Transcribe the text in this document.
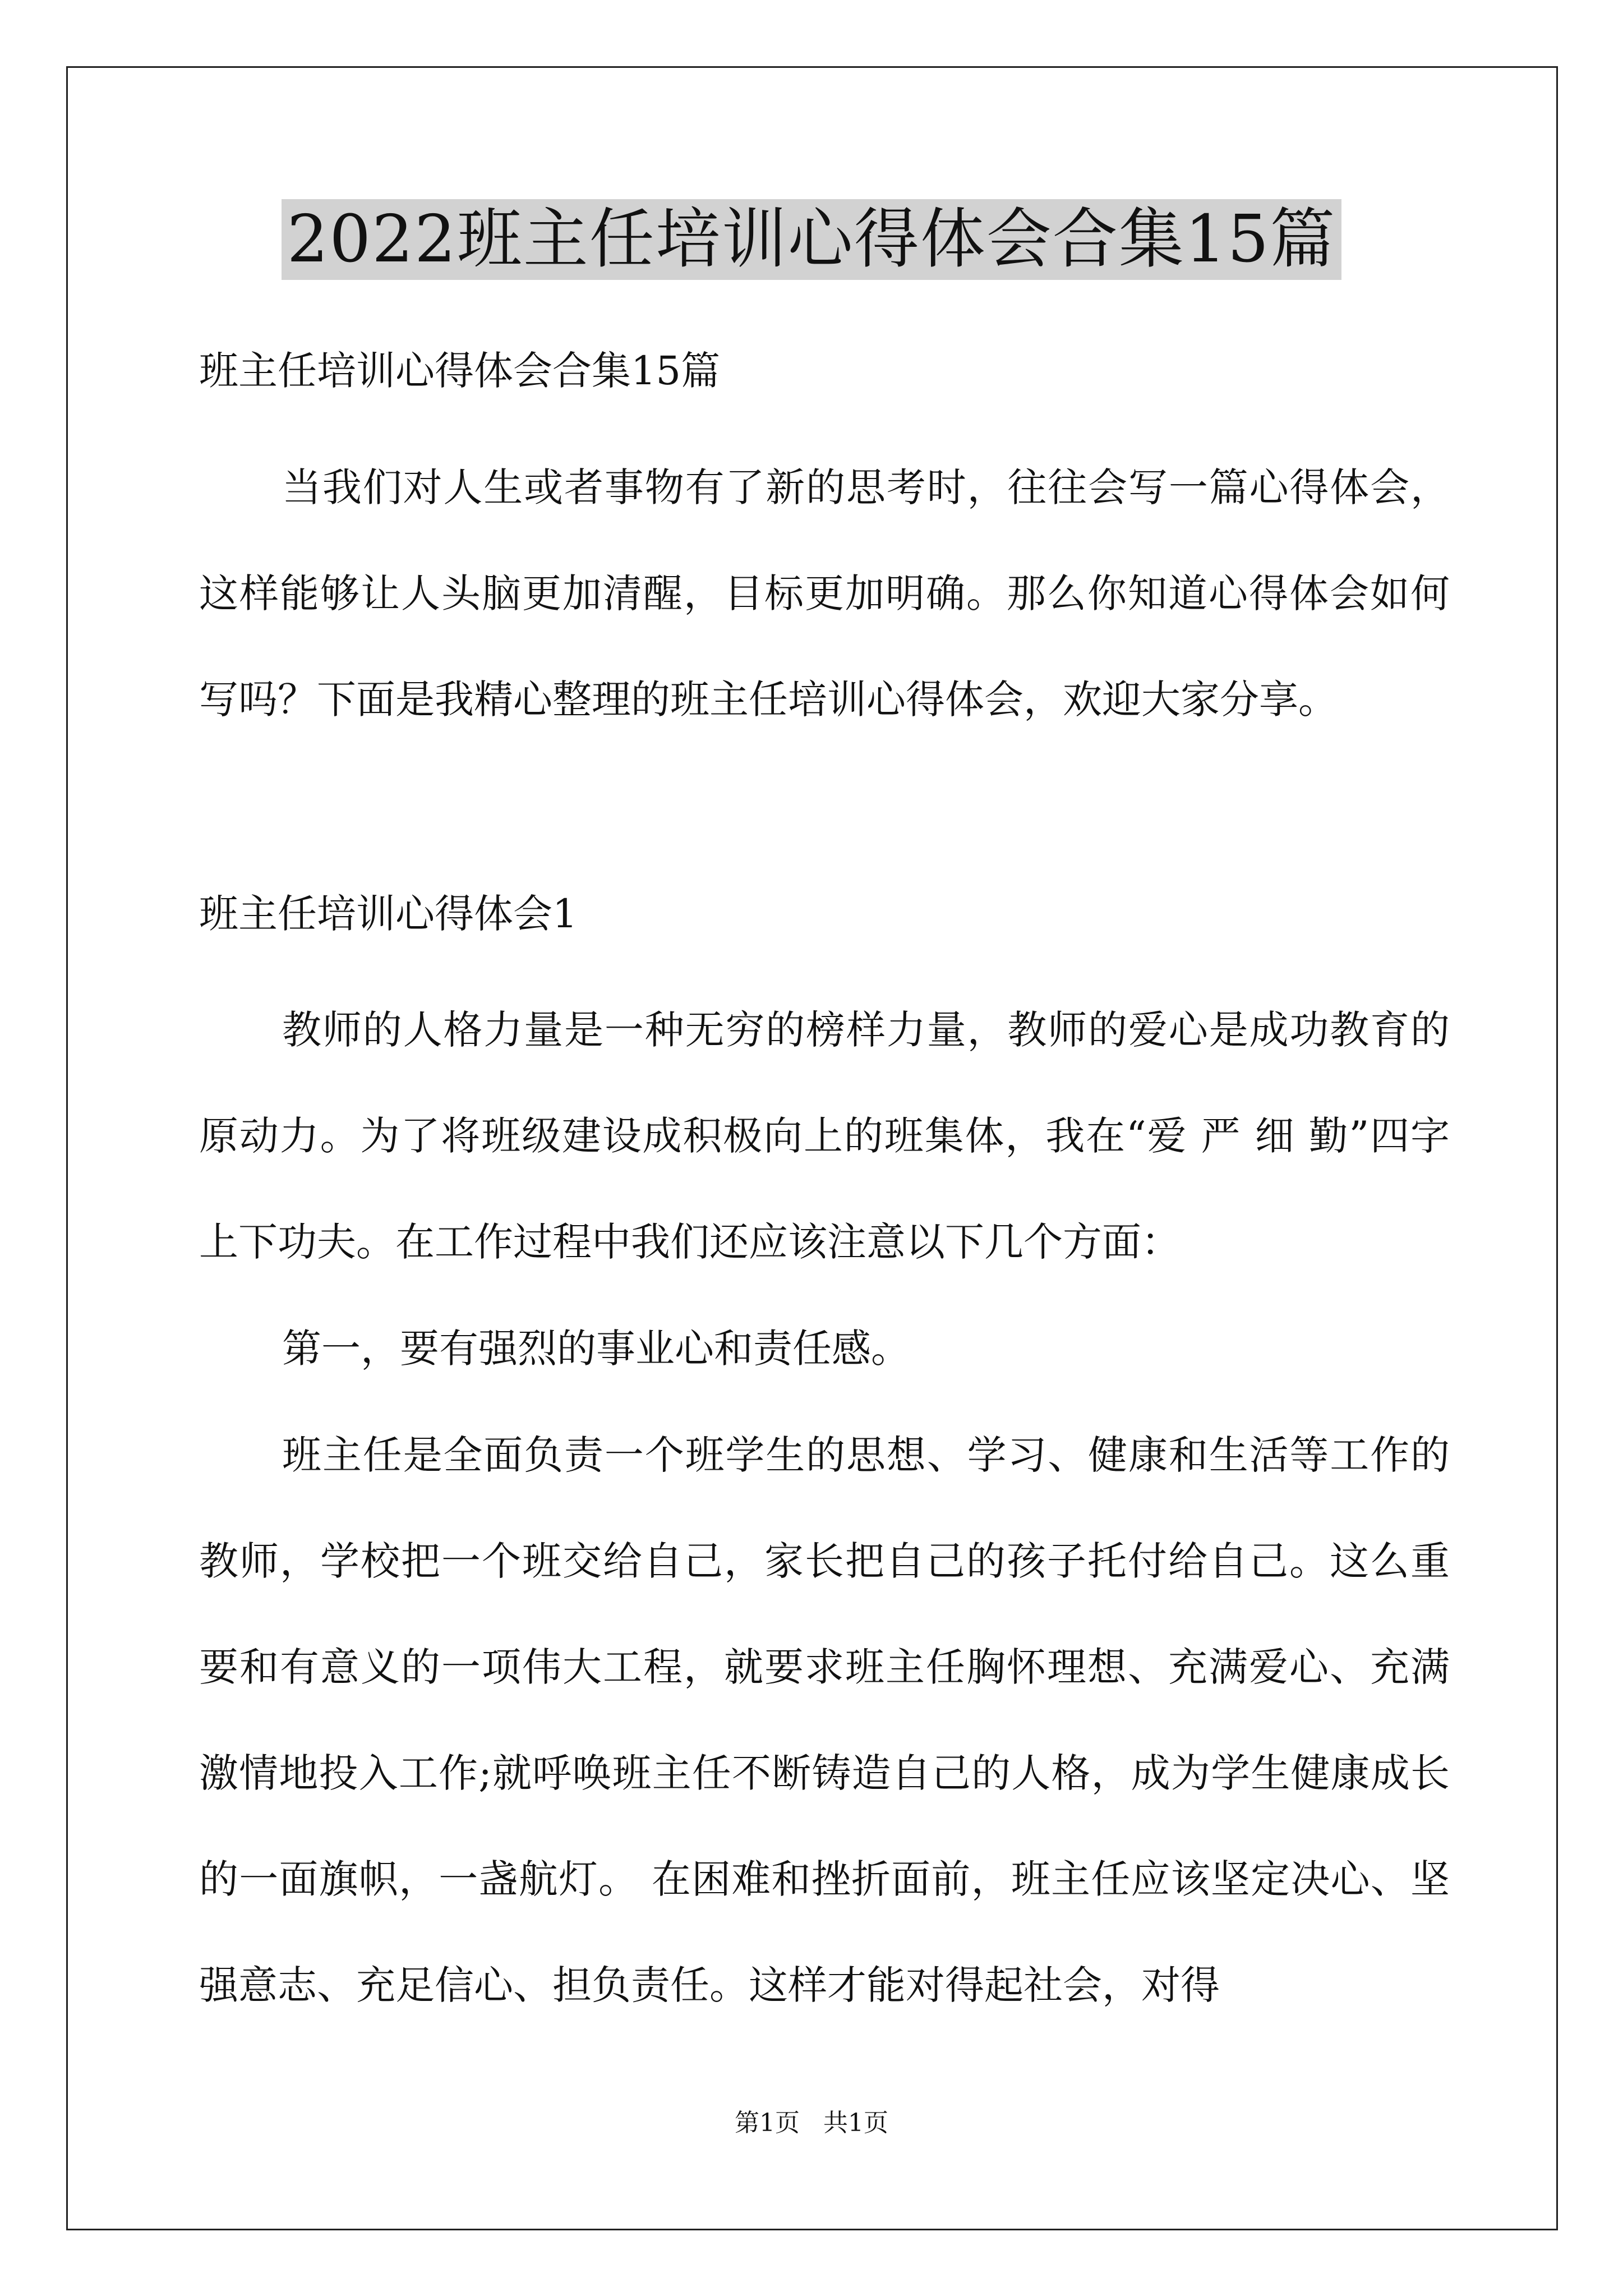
2022班主任培训心得体会合集15篇
班主任培训心得体会合集15篇
当我们对人生或者事物有了新的思考时，往往会写一篇心得体会，这样能够让人头脑更加清醒，目标更加明确。那么你知道心得体会如何写吗？下面是我精心整理的班主任培训心得体会，欢迎大家分享。
班主任培训心得体会1
教师的人格力量是一种无穷的榜样力量，教师的爱心是成功教育的原动力。为了将班级建设成积极向上的班集体，我在“爱 严 细 勤”四字上下功夫。在工作过程中我们还应该注意以下几个方面：
第一，要有强烈的事业心和责任感。
班主任是全面负责一个班学生的思想、学习、健康和生活等工作的教师，学校把一个班交给自己，家长把自己的孩子托付给自己。这么重要和有意义的一项伟大工程，就要求班主任胸怀理想、充满爱心、充满激情地投入工作;就呼唤班主任不断铸造自己的人格，成为学生健康成长的一面旗帜，一盏航灯。 在困难和挫折面前，班主任应该坚定决心、坚强意志、充足信心、担负责任。这样才能对得起社会，对得
第1页 共1页
